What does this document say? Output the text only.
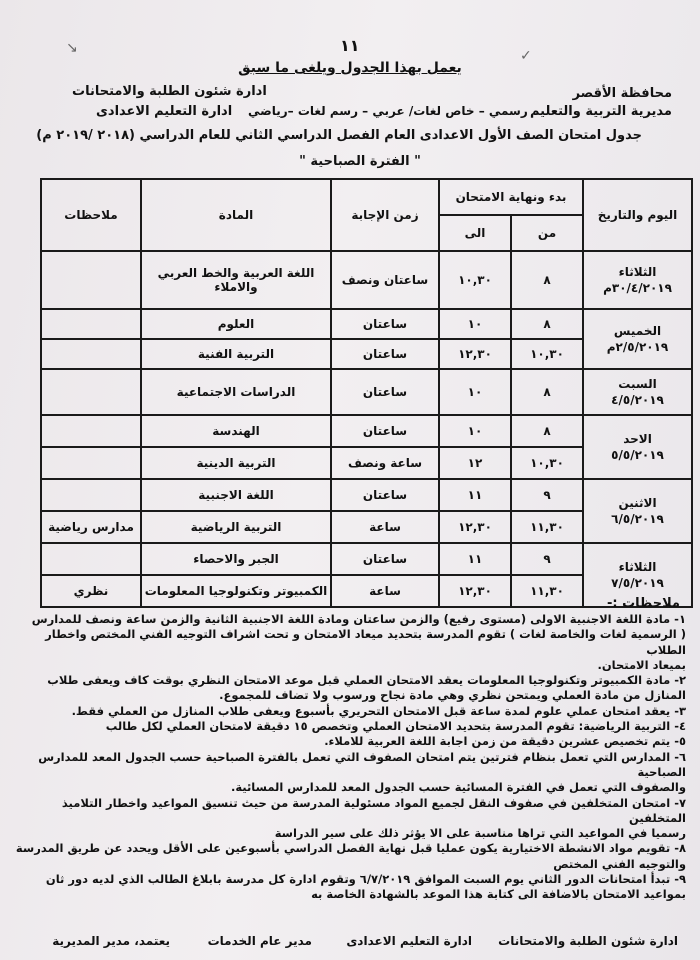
↘	✓
١١
يعمل بهذا الجدول ويلغى ما سبق
محافظة الأقصر
مديرية التربية والتعليم
ادارة شئون الطلبة والامتحانات
ادارة التعليم الاعدادى رسمي – خاص لغات/ عربي – رسم لغات –رياضي
جدول امتحان الصف الأول الاعدادى العام الفصل الدراسي الثاني للعام الدراسي (٢٠١٨ /٢٠١٩ م)
" الفترة الصباحية "
اليوم والتاريخ	بدء ونهاية الامتحان		زمن الإجابة	المادة	ملاحظات
	من	الى			
الثلاثاء
٣٠/٤/٢٠١٩م	٨	١٠,٣٠	ساعتان ونصف	اللغة العربية والخط العربي والاملاء	
الخميس
٢/٥/٢٠١٩م	٨	١٠	ساعتان	العلوم	
	١٠,٣٠	١٢,٣٠	ساعتان	التربية الفنية	
السبت
٤/٥/٢٠١٩	٨	١٠	ساعتان	الدراسات الاجتماعية	
الاحد
٥/٥/٢٠١٩	٨	١٠	ساعتان	الهندسة	
	١٠,٣٠	١٢	ساعة ونصف	التربية الدينية	
الاثنين
٦/٥/٢٠١٩	٩	١١	ساعتان	اللغة الاجنبية	
	١١,٣٠	١٢,٣٠	ساعة	التربية الرياضية	مدارس رياضية
الثلاثاء
٧/٥/٢٠١٩	٩	١١	ساعتان	الجبر والاحصاء	
	١١,٣٠	١٢,٣٠	ساعة	الكمبيوتر وتكنولوجيا المعلومات	نظري
ملاحظات :-

١- مادة اللغة الاجنبية الاولى (مستوى رفيع) والزمن ساعتان ومادة اللغة الاجنبية الثانية والزمن ساعة ونصف للمدارس

( الرسمية لغات والخاصة لغات ) تقوم المدرسة بتحديد ميعاد الامتحان و تحت اشراف التوجيه الفني المختص واخطار الطلاب

بميعاد الامتحان.

٢- مادة الكمبيوتر وتكنولوجيا المعلومات يعقد الامتحان العملي قبل موعد الامتحان النظري بوقت كاف ويعفى طلاب

المنازل من مادة العملي ويمتحن نظري وهي مادة نجاح ورسوب ولا تضاف للمجموع.

٣- يعقد امتحان عملي علوم لمدة ساعة قبل الامتحان التحريري بأسبوع ويعفى طلاب المنازل من العملي فقط.

٤- التربية الرياضية: تقوم المدرسة بتحديد الامتحان العملي وتخصص ١٥ دقيقة لامتحان العملي لكل طالب

٥- يتم تخصيص عشرين دقيقة من زمن اجابة اللغة العربية للاملاء.

٦- المدارس التي تعمل بنظام فترتين يتم امتحان الصفوف التي تعمل بالفترة الصباحية حسب الجدول المعد للمدارس الصباحية

والصفوف التي تعمل في الفترة المسائية حسب الجدول المعد للمدارس المسائية.

٧- امتحان المتخلفين في صفوف النقل لجميع المواد مسئولية المدرسة من حيث تنسيق المواعيد واخطار التلاميذ المتخلفين

رسميا في المواعيد التي تراها مناسبة على الا يؤثر ذلك على سير الدراسة

٨- تقويم مواد الانشطة الاختيارية يكون عمليا قبل نهاية الفصل الدراسي بأسبوعين على الأقل ويحدد عن طريق المدرسة

والتوجيه الفني المختص

٩- تبدأ امتحانات الدور الثاني يوم السبت الموافق ٦/٧/٢٠١٩ وتقوم ادارة كل مدرسة بابلاغ الطالب الذي لديه دور ثان

بمواعيد الامتحان بالاضافة الى كتابة هذا الموعد بالشهادة الخاصة به

ادارة شئون الطلبة والامتحانات
ادارة التعليم الاعدادى
مدير عام الخدمات
يعتمد، مدير المديرية
